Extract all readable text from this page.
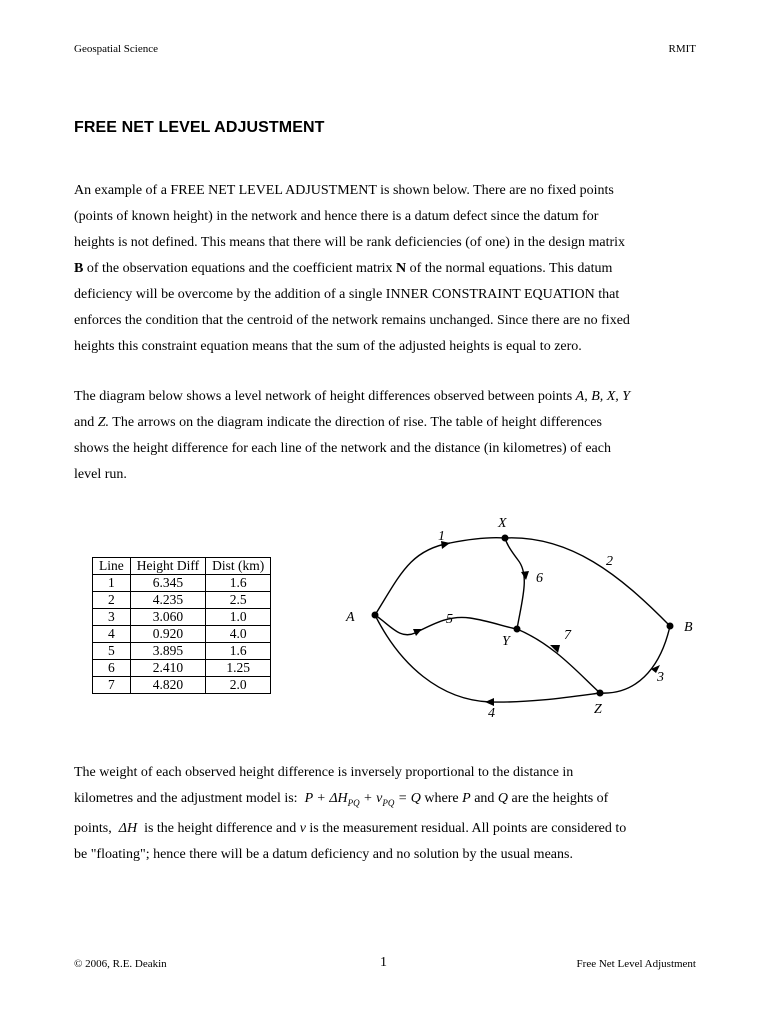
Geospatial Science	RMIT
FREE NET LEVEL ADJUSTMENT
An example of a FREE NET LEVEL ADJUSTMENT is shown below. There are no fixed points
(points of known height) in the network and hence there is a datum defect since the datum for
heights is not defined. This means that there will be rank deficiencies (of one) in the design matrix
B of the observation equations and the coefficient matrix N of the normal equations. This datum
deficiency will be overcome by the addition of a single INNER CONSTRAINT EQUATION that
enforces the condition that the centroid of the network remains unchanged. Since there are no fixed
heights this constraint equation means that the sum of the adjusted heights is equal to zero.
The diagram below shows a level network of height differences observed between points A, B, X, Y
and Z. The arrows on the diagram indicate the direction of rise. The table of height differences
shows the height difference for each line of the network and the distance (in kilometres) of each
level run.
Line	Height Diff	Dist (km)
1	6.345	1.6
2	4.235	2.5
3	3.060	1.0
4	0.920	4.0
5	3.895	1.6
6	2.410	1.25
7	4.820	2.0
A
B
X
Y
Z
1
2
3
4
5
6
7
The weight of each observed height difference is inversely proportional to the distance in
kilometres and the adjustment model is: $P + \Delta H_{PQ} + v_{PQ} = Q$ where P and Q are the heights of
points, ΔH is the height difference and v is the measurement residual. All points are considered to
be "floating"; hence there will be a datum deficiency and no solution by the usual means.
© 2006, R.E. Deakin	1	Free Net Level Adjustment
